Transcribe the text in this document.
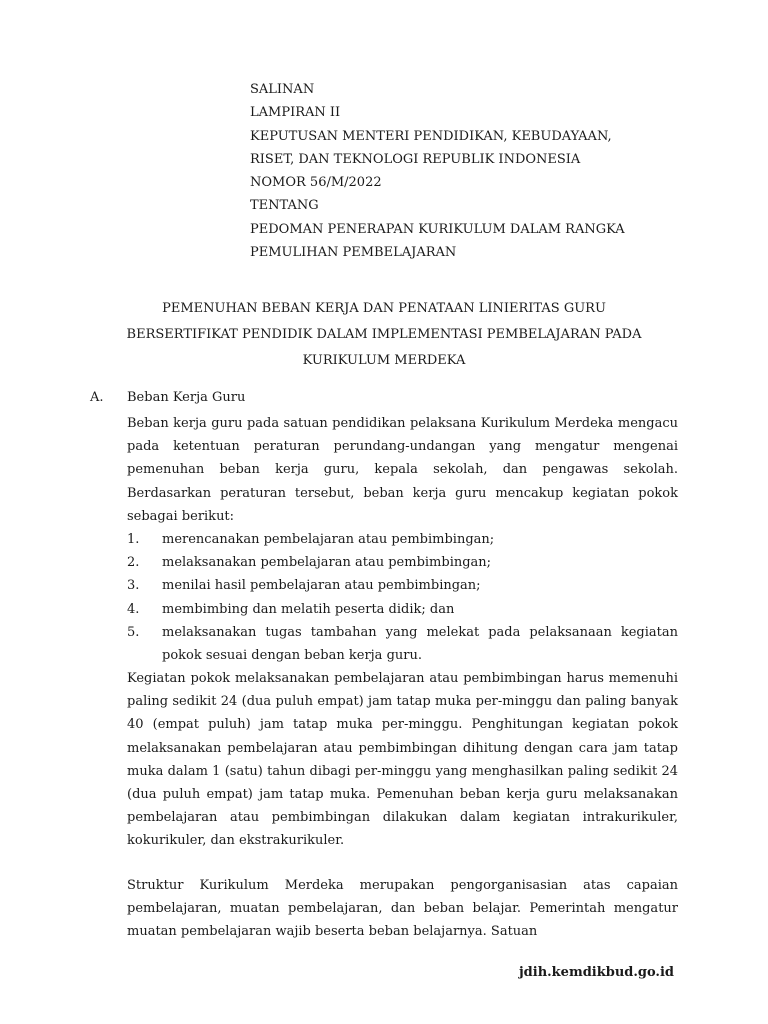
SALINAN
LAMPIRAN II
KEPUTUSAN MENTERI PENDIDIKAN, KEBUDAYAAN,
RISET, DAN TEKNOLOGI REPUBLIK INDONESIA
NOMOR 56/M/2022
TENTANG
PEDOMAN PENERAPAN KURIKULUM DALAM RANGKA
PEMULIHAN PEMBELAJARAN
PEMENUHAN BEBAN KERJA DAN PENATAAN LINIERITAS GURU
BERSERTIFIKAT PENDIDIK DALAM IMPLEMENTASI PEMBELAJARAN PADA
KURIKULUM MERDEKA
A. Beban Kerja Guru
Beban kerja guru pada satuan pendidikan pelaksana Kurikulum Merdeka mengacu pada ketentuan peraturan perundang-undangan yang mengatur mengenai pemenuhan beban kerja guru, kepala sekolah, dan pengawas sekolah. Berdasarkan peraturan tersebut, beban kerja guru mencakup kegiatan pokok sebagai berikut:
1.	merencanakan pembelajaran atau pembimbingan;
2.	melaksanakan pembelajaran atau pembimbingan;
3.	menilai hasil pembelajaran atau pembimbingan;
4.	membimbing dan melatih peserta didik; dan
5.	melaksanakan tugas tambahan yang melekat pada pelaksanaan kegiatan pokok sesuai dengan beban kerja guru.
Kegiatan pokok melaksanakan pembelajaran atau pembimbingan harus memenuhi paling sedikit 24 (dua puluh empat) jam tatap muka per-minggu dan paling banyak 40 (empat puluh) jam tatap muka per-minggu. Penghitungan kegiatan pokok melaksanakan pembelajaran atau pembimbingan dihitung dengan cara jam tatap muka dalam 1 (satu) tahun dibagi per-minggu yang menghasilkan paling sedikit 24 (dua puluh empat) jam tatap muka. Pemenuhan beban kerja guru melaksanakan pembelajaran atau pembimbingan dilakukan dalam kegiatan intrakurikuler, kokurikuler, dan ekstrakurikuler.
Struktur Kurikulum Merdeka merupakan pengorganisasian atas capaian pembelajaran, muatan pembelajaran, dan beban belajar. Pemerintah mengatur muatan pembelajaran wajib beserta beban belajarnya. Satuan
jdih.kemdikbud.go.id
